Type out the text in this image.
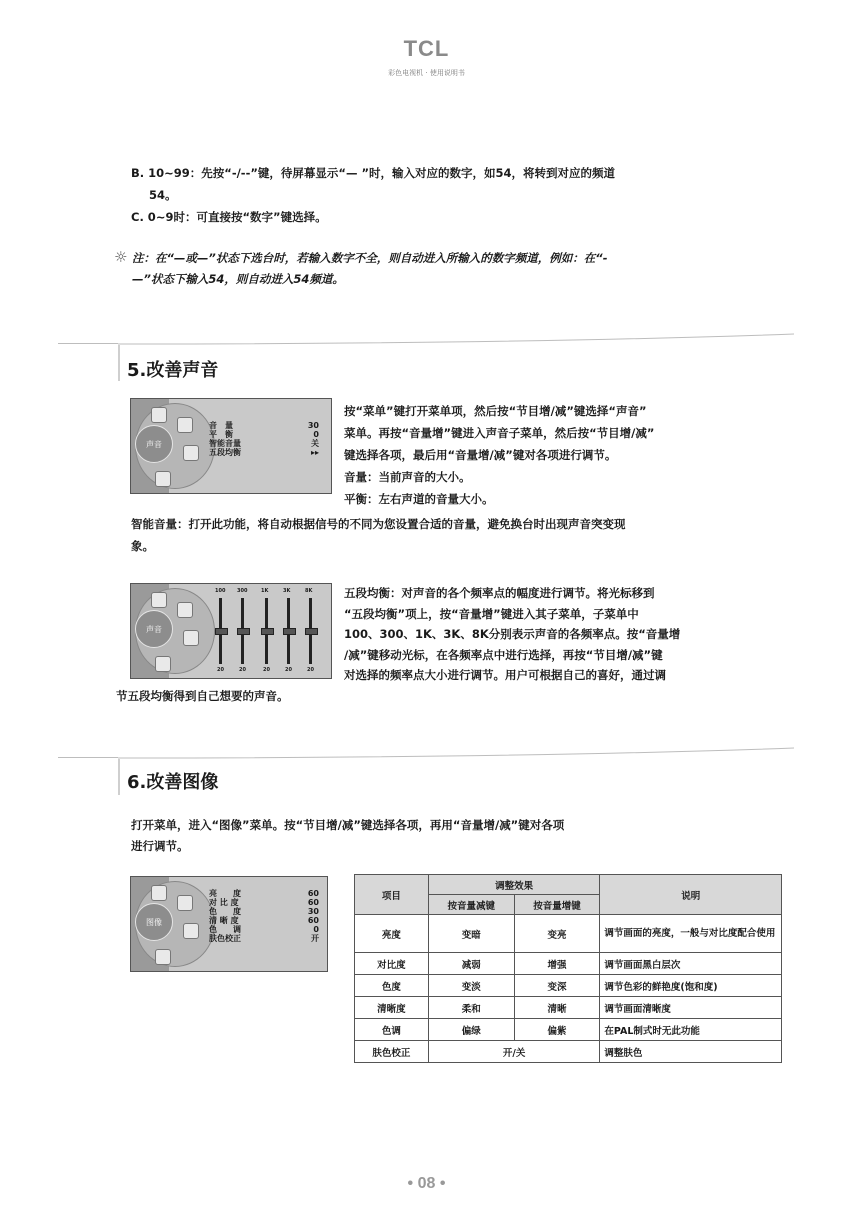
TCL
彩色电视机 · 使用说明书
B. 10~99：先按“-/--”键，待屏幕显示“— ”时，输入对应的数字，如54，将转到对应的频道
54。
C. 0~9时：可直接按“数字”键选择。
☼ 注：在“—或—”状态下选台时，若输入数字不全，则自动进入所输入的数字频道，例如：在“-
—”状态下输入54，则自动进入54频道。
5.改善声音
声音
音　量	30
平　衡	0
智能音量	关
五段均衡	▸▸
按“菜单”键打开菜单项，然后按“节目增/减”键选择“声音”
菜单。再按“音量增”键进入声音子菜单，然后按“节目增/减”
键选择各项，最后用“音量增/减”键对各项进行调节。
音量：当前声音的大小。
平衡：左右声道的音量大小。
智能音量：打开此功能，将自动根据信号的不同为您设置合适的音量，避免换台时出现声音突变现
象。
声音
100 300	1K	3K	8K
20	20	20	20	20
五段均衡：对声音的各个频率点的幅度进行调节。将光标移到
“五段均衡”项上，按“音量增”键进入其子菜单，子菜单中
100、300、1K、3K、8K分别表示声音的各频率点。按“音量增
/减”键移动光标，在各频率点中进行选择，再按“节目增/减”键
对选择的频率点大小进行调节。用户可根据自己的喜好，通过调
节五段均衡得到自己想要的声音。
6.改善图像
打开菜单，进入“图像”菜单。按“节目增/减”键选择各项，再用“音量增/减”键对各项
进行调节。
图像
亮　　度	60
对 比 度	60
色　　度	30
清 晰 度	60
色　　调	0
肤色校正	开
项目	调整效果		说明
	按音量减键	按音量增键	
亮度	变暗	变亮	调节画面的亮度，一般与对比度配合使用
对比度	减弱	增强	调节画面黑白层次
色度	变淡	变深	调节色彩的鲜艳度(饱和度)
清晰度	柔和	清晰	调节画面清晰度
色调	偏绿	偏紫	在PAL制式时无此功能
肤色校正	开/关		调整肤色
• 08 •
